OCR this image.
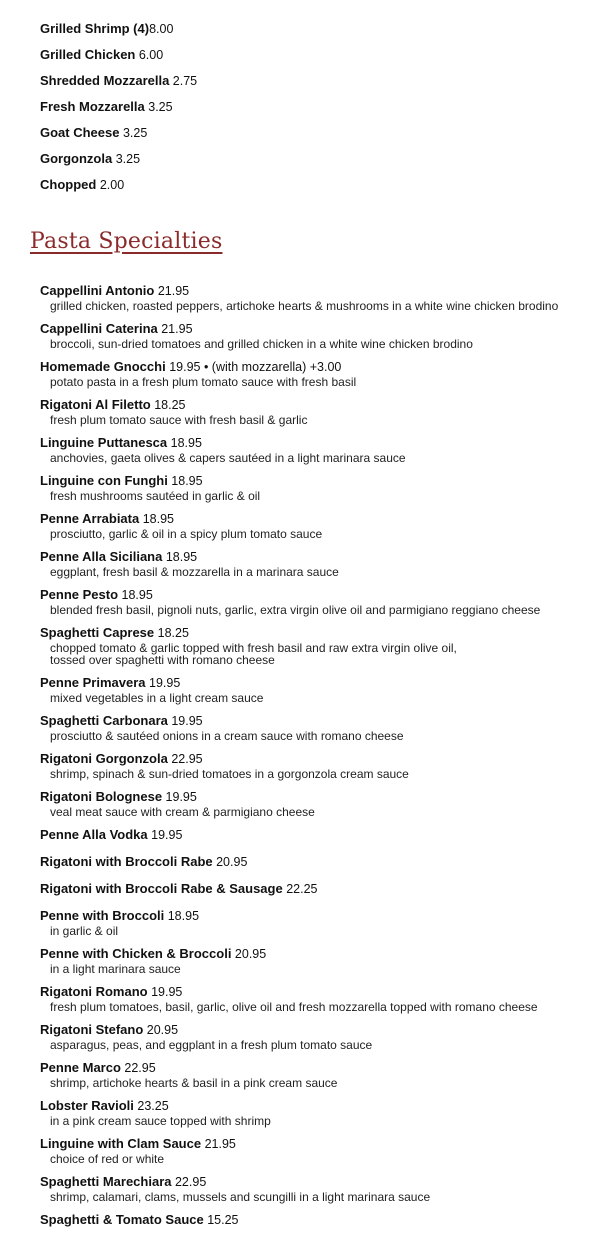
Grilled Shrimp (4)8.00
Grilled Chicken 6.00
Shredded Mozzarella 2.75
Fresh Mozzarella 3.25
Goat Cheese 3.25
Gorgonzola 3.25
Chopped 2.00
Pasta Specialties
Cappellini Antonio 21.95
grilled chicken, roasted peppers, artichoke hearts & mushrooms in a white wine chicken brodino
Cappellini Caterina 21.95
broccoli, sun-dried tomatoes and grilled chicken in a white wine chicken brodino
Homemade Gnocchi 19.95 • (with mozzarella) +3.00
potato pasta in a fresh plum tomato sauce with fresh basil
Rigatoni Al Filetto 18.25
fresh plum tomato sauce with fresh basil & garlic
Linguine Puttanesca 18.95
anchovies, gaeta olives & capers sautéed in a light marinara sauce
Linguine con Funghi 18.95
fresh mushrooms sautéed in garlic & oil
Penne Arrabiata 18.95
prosciutto, garlic & oil in a spicy plum tomato sauce
Penne Alla Siciliana 18.95
eggplant, fresh basil & mozzarella in a marinara sauce
Penne Pesto 18.95
blended fresh basil, pignoli nuts, garlic, extra virgin olive oil and parmigiano reggiano cheese
Spaghetti Caprese 18.25
chopped tomato & garlic topped with fresh basil and raw extra virgin olive oil,
tossed over spaghetti with romano cheese
Penne Primavera 19.95
mixed vegetables in a light cream sauce
Spaghetti Carbonara 19.95
prosciutto & sautéed onions in a cream sauce with romano cheese
Rigatoni Gorgonzola 22.95
shrimp, spinach & sun-dried tomatoes in a gorgonzola cream sauce
Rigatoni Bolognese 19.95
veal meat sauce with cream & parmigiano cheese
Penne Alla Vodka 19.95
Rigatoni with Broccoli Rabe 20.95
Rigatoni with Broccoli Rabe & Sausage 22.25
Penne with Broccoli 18.95
in garlic & oil
Penne with Chicken & Broccoli 20.95
in a light marinara sauce
Rigatoni Romano 19.95
fresh plum tomatoes, basil, garlic, olive oil and fresh mozzarella topped with romano cheese
Rigatoni Stefano 20.95
asparagus, peas, and eggplant in a fresh plum tomato sauce
Penne Marco 22.95
shrimp, artichoke hearts & basil in a pink cream sauce
Lobster Ravioli 23.25
in a pink cream sauce topped with shrimp
Linguine with Clam Sauce 21.95
choice of red or white
Spaghetti Marechiara 22.95
shrimp, calamari, clams, mussels and scungilli in a light marinara sauce
Spaghetti & Tomato Sauce 15.25
